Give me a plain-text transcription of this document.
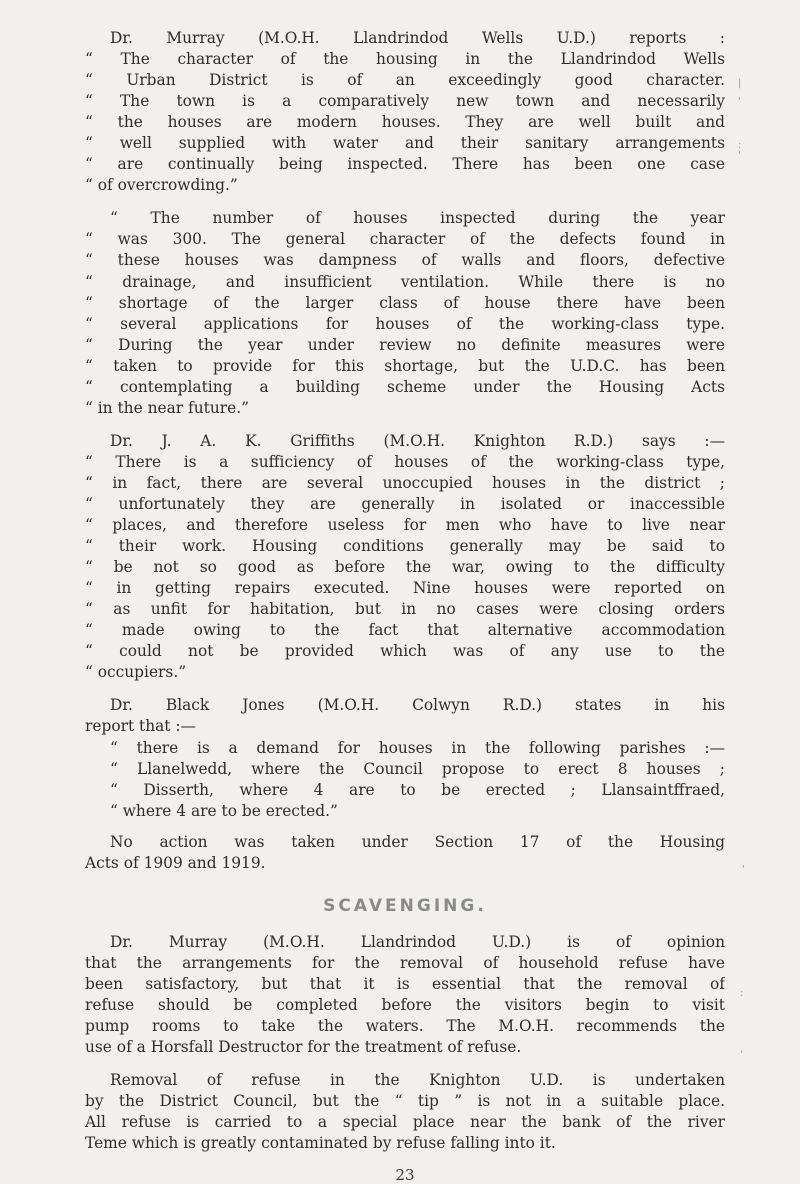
Dr. Murray (M.O.H. Llandrindod Wells U.D.) reports :
“ The character of the housing in the Llandrindod Wells
“ Urban District is of an exceedingly good character.
“ The town is a comparatively new town and necessarily
“ the houses are modern houses. They are well built and
“ well supplied with water and their sanitary arrangements
“ are continually being inspected. There has been one case
“ of overcrowding.”
“ The number of houses inspected during the year
“ was 300. The general character of the defects found in
“ these houses was dampness of walls and floors, defective
“ drainage, and insufficient ventilation. While there is no
“ shortage of the larger class of house there have been
“ several applications for houses of the working-class type.
“ During the year under review no definite measures were
“ taken to provide for this shortage, but the U.D.C. has been
“ contemplating a building scheme under the Housing Acts
“ in the near future.”
Dr. J. A. K. Griffiths (M.O.H. Knighton R.D.) says :—
“ There is a sufficiency of houses of the working-class type,
“ in fact, there are several unoccupied houses in the district ;
“ unfortunately they are generally in isolated or inaccessible
“ places, and therefore useless for men who have to live near
“ their work. Housing conditions generally may be said to
“ be not so good as before the war, owing to the difficulty
“ in getting repairs executed. Nine houses were reported on
“ as unfit for habitation, but in no cases were closing orders
“ made owing to the fact that alternative accommodation
“ could not be provided which was of any use to the
“ occupiers.”
Dr. Black Jones (M.O.H. Colwyn R.D.) states in his
report that :—
“ there is a demand for houses in the following parishes :—
“ Llanelwedd, where the Council propose to erect 8 houses ;
“ Disserth, where 4 are to be erected ; Llansaintffraed,
“ where 4 are to be erected.”
No action was taken under Section 17 of the Housing
Acts of 1909 and 1919.
SCAVENGING.
Dr. Murray (M.O.H. Llandrindod U.D.) is of opinion
that the arrangements for the removal of household refuse have
been satisfactory, but that it is essential that the removal of
refuse should be completed before the visitors begin to visit
pump rooms to take the waters. The M.O.H. recommends the
use of a Horsfall Destructor for the treatment of refuse.
Removal of refuse in the Knighton U.D. is undertaken
by the District Council, but the “ tip ” is not in a suitable place.
All refuse is carried to a special place near the bank of the river
Teme which is greatly contaminated by refuse falling into it.
23
|
'
:
'
'
:
,
